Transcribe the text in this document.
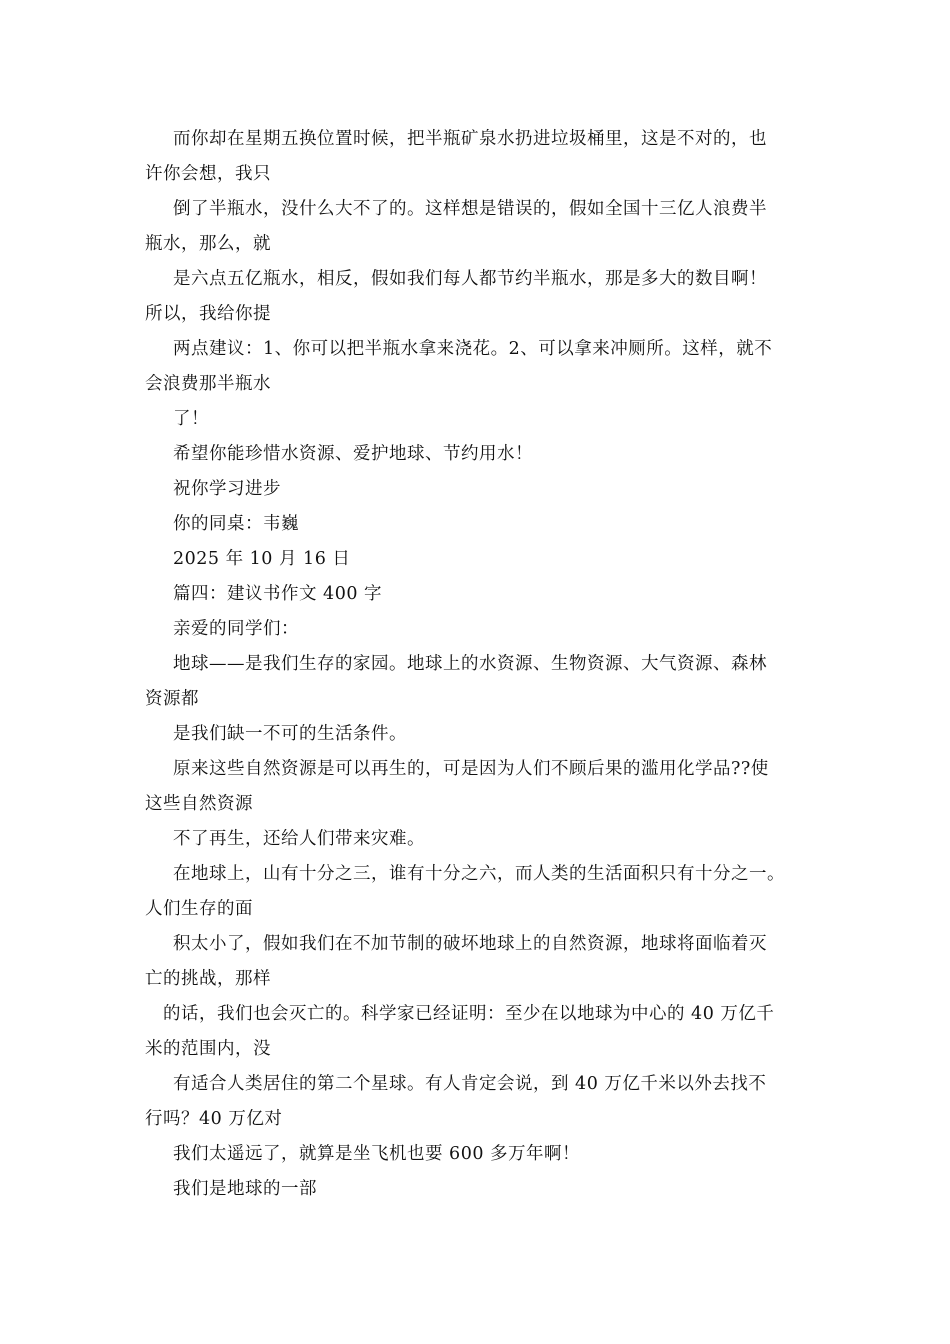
而你却在星期五换位置时候，把半瓶矿泉水扔进垃圾桶里，这是不对的，也
许你会想，我只
倒了半瓶水，没什么大不了的。这样想是错误的，假如全国十三亿人浪费半
瓶水，那么，就
是六点五亿瓶水，相反，假如我们每人都节约半瓶水，那是多大的数目啊！
所以，我给你提
两点建议：1、你可以把半瓶水拿来浇花。2、可以拿来冲厕所。这样，就不
会浪费那半瓶水
了！
希望你能珍惜水资源、爱护地球、节约用水！
祝你学习进步
你的同桌：韦巍
2025 年 10 月 16 日
篇四：建议书作文 400 字
亲爱的同学们：
地球——是我们生存的家园。地球上的水资源、生物资源、大气资源、森林
资源都
是我们缺一不可的生活条件。
原来这些自然资源是可以再生的，可是因为人们不顾后果的滥用化学品??使
这些自然资源
不了再生，还给人们带来灾难。
在地球上，山有十分之三，谁有十分之六，而人类的生活面积只有十分之一。
人们生存的面
积太小了，假如我们在不加节制的破坏地球上的自然资源，地球将面临着灭
亡的挑战，那样
的话，我们也会灭亡的。科学家已经证明：至少在以地球为中心的 40 万亿千
米的范围内，没
有适合人类居住的第二个星球。有人肯定会说，到 40 万亿千米以外去找不
行吗？40 万亿对
我们太遥远了，就算是坐飞机也要 600 多万年啊！
我们是地球的一部
